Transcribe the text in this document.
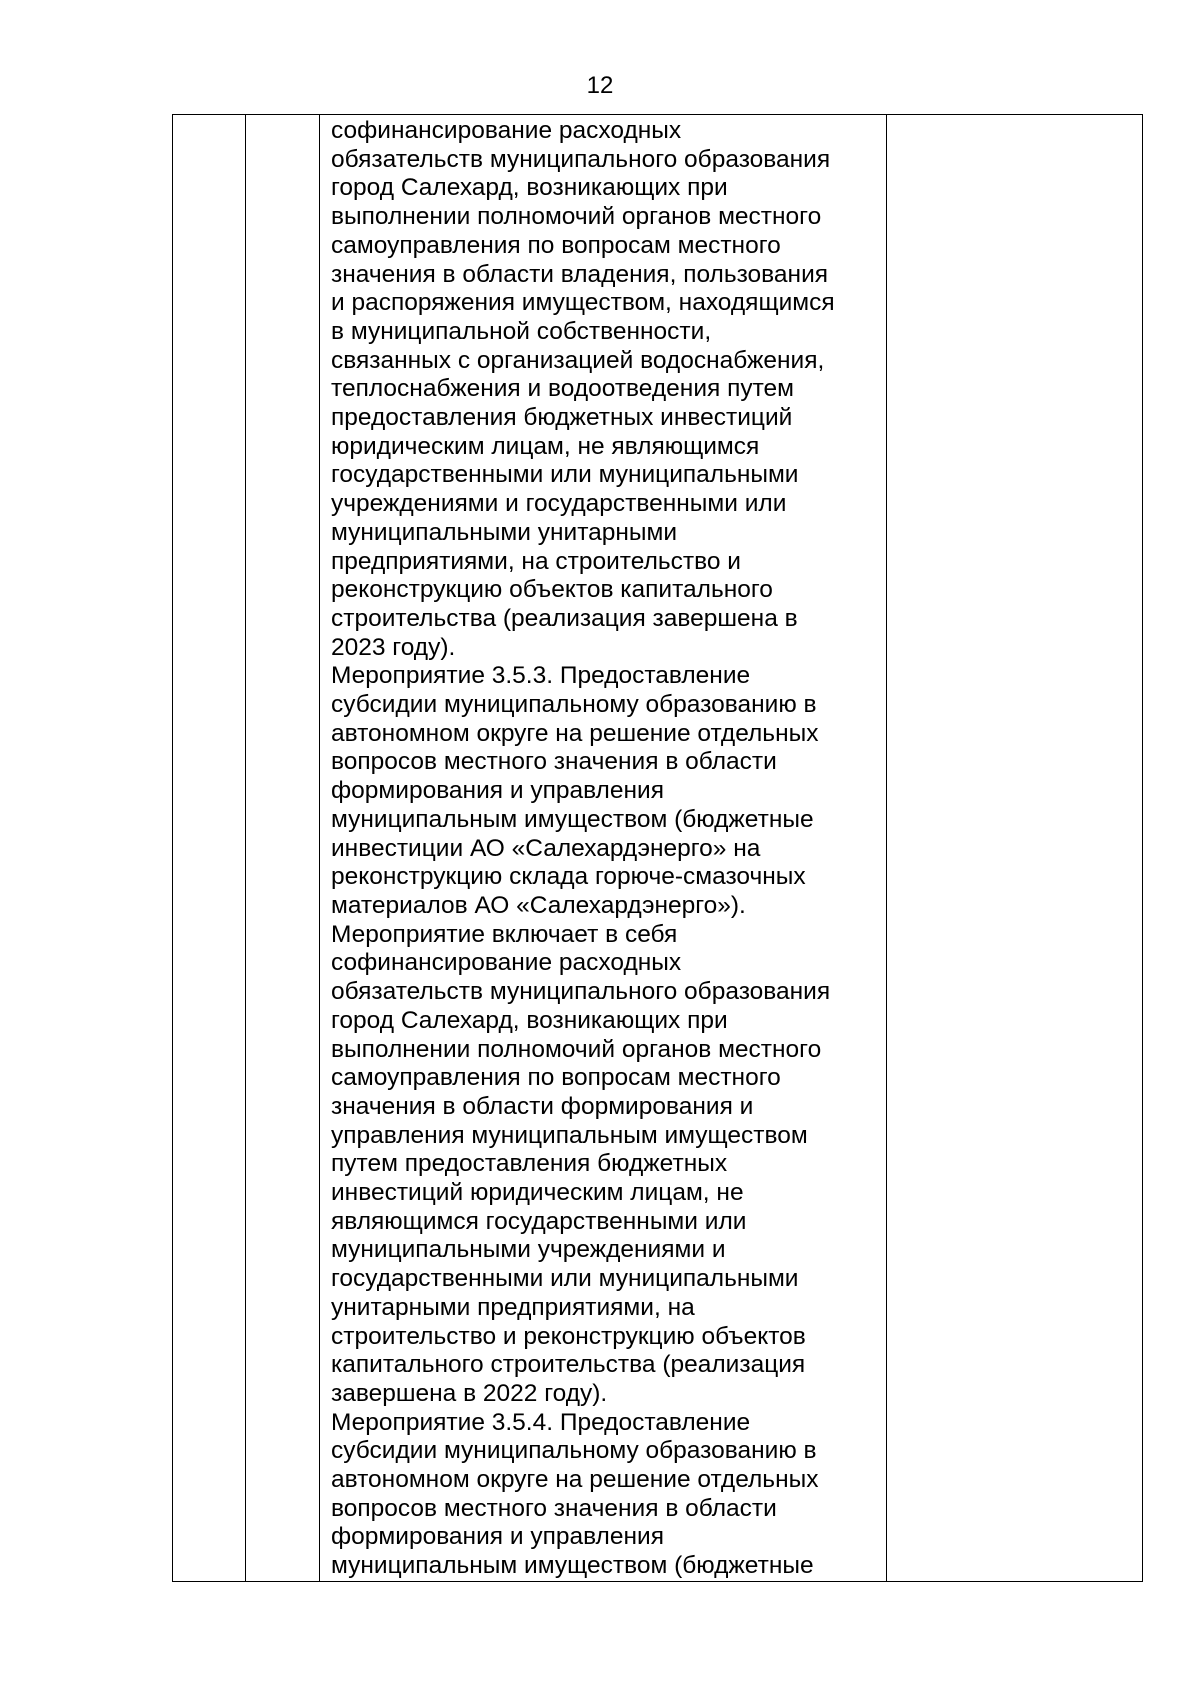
12

софинансирование расходных
обязательств муниципального образования
город Салехард, возникающих при
выполнении полномочий органов местного
самоуправления по вопросам местного
значения в области владения, пользования
и распоряжения имуществом, находящимся
в муниципальной собственности,
связанных с организацией водоснабжения,
теплоснабжения и водоотведения путем
предоставления бюджетных инвестиций
юридическим лицам, не являющимся
государственными или муниципальными
учреждениями и государственными или
муниципальными унитарными
предприятиями, на строительство и
реконструкцию объектов капитального
строительства (реализация завершена в
2023 году).
Мероприятие 3.5.3. Предоставление
субсидии муниципальному образованию в
автономном округе на решение отдельных
вопросов местного значения в области
формирования и управления
муниципальным имуществом (бюджетные
инвестиции АО «Салехардэнерго» на
реконструкцию склада горюче-смазочных
материалов АО «Салехардэнерго»).
Мероприятие включает в себя
софинансирование расходных
обязательств муниципального образования
город Салехард, возникающих при
выполнении полномочий органов местного
самоуправления по вопросам местного
значения в области формирования и
управления муниципальным имуществом
путем предоставления бюджетных
инвестиций юридическим лицам, не
являющимся государственными или
муниципальными учреждениями и
государственными или муниципальными
унитарными предприятиями, на
строительство и реконструкцию объектов
капитального строительства (реализация
завершена в 2022 году).
Мероприятие 3.5.4. Предоставление
субсидии муниципальному образованию в
автономном округе на решение отдельных
вопросов местного значения в области
формирования и управления
муниципальным имуществом (бюджетные
